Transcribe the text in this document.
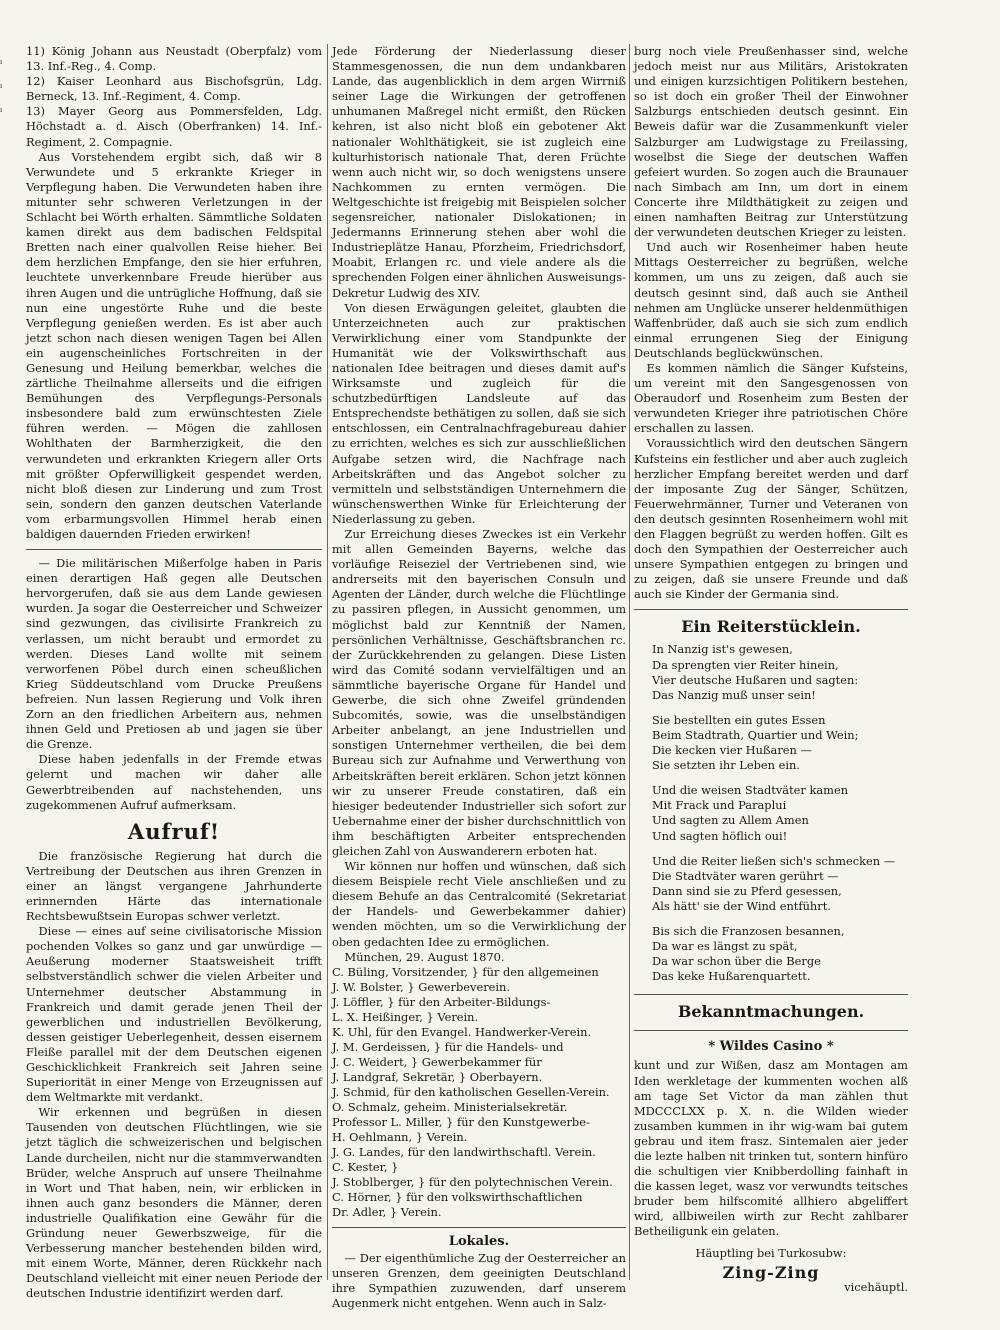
ı
ı
ı

11) König Johann aus Neustadt (Oberpfalz) vom 13. Inf.-Reg., 4. Comp.

12) Kaiser Leonhard aus Bischofsgrün, Ldg. Berneck, 13. Inf.-Regiment, 4. Comp.

13) Mayer Georg aus Pommersfelden, Ldg. Höchstadt a. d. Aisch (Oberfranken) 14. Inf.-Regiment, 2. Compagnie.

Aus Vorstehendem ergibt sich, daß wir 8 Verwundete und 5 erkrankte Krieger in Verpflegung haben. Die Verwundeten haben ihre mitunter sehr schweren Verletzungen in der Schlacht bei Wörth erhalten. Sämmtliche Soldaten kamen direkt aus dem badischen Feldspital Bretten nach einer qualvollen Reise hieher. Bei dem herzlichen Empfange, den sie hier erfuhren, leuchtete unverkennbare Freude hierüber aus ihren Augen und die untrügliche Hoffnung, daß sie nun eine ungestörte Ruhe und die beste Verpflegung genießen werden. Es ist aber auch jetzt schon nach diesen wenigen Tagen bei Allen ein augenscheinliches Fortschreiten in der Genesung und Heilung bemerkbar, welches die zärtliche Theilnahme allerseits und die eifrigen Bemühungen des Verpflegungs-Personals insbesondere bald zum erwünschtesten Ziele führen werden. — Mögen die zahllosen Wohlthaten der Barmherzigkeit, die den verwundeten und erkrankten Kriegern aller Orts mit größter Opferwilligkeit gespendet werden, nicht bloß diesen zur Linderung und zum Trost sein, sondern den ganzen deutschen Vaterlande vom erbarmungsvollen Himmel herab einen baldigen dauernden Frieden erwirken!

— Die militärischen Mißerfolge haben in Paris einen derartigen Haß gegen alle Deutschen hervorgerufen, daß sie aus dem Lande gewiesen wurden. Ja sogar die Oesterreicher und Schweizer sind gezwungen, das civilisirte Frankreich zu verlassen, um nicht beraubt und ermordet zu werden. Dieses Land wollte mit seinem verworfenen Pöbel durch einen scheußlichen Krieg Süddeutschland vom Drucke Preußens befreien. Nun lassen Regierung und Volk ihren Zorn an den friedlichen Arbeitern aus, nehmen ihnen Geld und Pretiosen ab und jagen sie über die Grenze.

Diese haben jedenfalls in der Fremde etwas gelernt und machen wir daher alle Gewerbtreibenden auf nachstehenden, uns zugekommenen Aufruf aufmerksam.

Aufruf!

Die französische Regierung hat durch die Vertreibung der Deutschen aus ihren Grenzen in einer an längst vergangene Jahrhunderte erinnernden Härte das internationale Rechtsbewußtsein Europas schwer verletzt.

Diese — eines auf seine civilisatorische Mission pochenden Volkes so ganz und gar unwürdige — Aeußerung moderner Staatsweisheit trifft selbstverständlich schwer die vielen Arbeiter und Unternehmer deutscher Abstammung in Frankreich und damit gerade jenen Theil der gewerblichen und industriellen Bevölkerung, dessen geistiger Ueberlegenheit, dessen eisernem Fleiße parallel mit der dem Deutschen eigenen Geschicklichkeit Frankreich seit Jahren seine Superiorität in einer Menge von Erzeugnissen auf dem Weltmarkte mit verdankt.

Wir erkennen und begrüßen in diesen Tausenden von deutschen Flüchtlingen, wie sie jetzt täglich die schweizerischen und belgischen Lande durcheilen, nicht nur die stammverwandten Brüder, welche Anspruch auf unsere Theilnahme in Wort und That haben, nein, wir erblicken in ihnen auch ganz besonders die Männer, deren industrielle Qualifikation eine Gewähr für die Gründung neuer Gewerbszweige, für die Verbesserung mancher bestehenden bilden wird, mit einem Worte, Männer, deren Rückkehr nach Deutschland vielleicht mit einer neuen Periode der deutschen Industrie identifizirt werden darf.

Jede Förderung der Niederlassung dieser Stammesgenossen, die nun dem undankbaren Lande, das augenblicklich in dem argen Wirrniß seiner Lage die Wirkungen der getroffenen unhumanen Maßregel nicht ermißt, den Rücken kehren, ist also nicht bloß ein gebotener Akt nationaler Wohlthätigkeit, sie ist zugleich eine kulturhistorisch nationale That, deren Früchte wenn auch nicht wir, so doch wenigstens unsere Nachkommen zu ernten vermögen. Die Weltgeschichte ist freigebig mit Beispielen solcher segensreicher, nationaler Dislokationen; in Jedermanns Erinnerung stehen aber wohl die Industrieplätze Hanau, Pforzheim, Friedrichsdorf, Moabit, Erlangen rc. und viele andere als die sprechenden Folgen einer ähnlichen Ausweisungs-Dekretur Ludwig des XIV.

Von diesen Erwägungen geleitet, glaubten die Unterzeichneten auch zur praktischen Verwirklichung einer vom Standpunkte der Humanität wie der Volkswirthschaft aus nationalen Idee beitragen und dieses damit auf's Wirksamste und zugleich für die schutzbedürftigen Landsleute auf das Entsprechendste bethätigen zu sollen, daß sie sich entschlossen, ein Centralnachfragebureau dahier zu errichten, welches es sich zur ausschließlichen Aufgabe setzen wird, die Nachfrage nach Arbeitskräften und das Angebot solcher zu vermitteln und selbstständigen Unternehmern die wünschenswerthen Winke für Erleichterung der Niederlassung zu geben.

Zur Erreichung dieses Zweckes ist ein Verkehr mit allen Gemeinden Bayerns, welche das vorläufige Reiseziel der Vertriebenen sind, wie andrerseits mit den bayerischen Consuln und Agenten der Länder, durch welche die Flüchtlinge zu passiren pflegen, in Aussicht genommen, um möglichst bald zur Kenntniß der Namen, persönlichen Verhältnisse, Geschäftsbranchen rc. der Zurückkehrenden zu gelangen. Diese Listen wird das Comité sodann vervielfältigen und an sämmtliche bayerische Organe für Handel und Gewerbe, die sich ohne Zweifel gründenden Subcomités, sowie, was die unselbständigen Arbeiter anbelangt, an jene Industriellen und sonstigen Unternehmer vertheilen, die bei dem Bureau sich zur Aufnahme und Verwerthung von Arbeitskräften bereit erklären. Schon jetzt können wir zu unserer Freude constatiren, daß ein hiesiger bedeutender Industrieller sich sofort zur Uebernahme einer der bisher durchschnittlich von ihm beschäftigten Arbeiter entsprechenden gleichen Zahl von Auswanderern erboten hat.

Wir können nur hoffen und wünschen, daß sich diesem Beispiele recht Viele anschließen und zu diesem Behufe an das Centralcomité (Sekretariat der Handels- und Gewerbekammer dahier) wenden möchten, um so die Verwirklichung der oben gedachten Idee zu ermöglichen.

München, 29. August 1870.

C. Büling, Vorsitzender, } für den allgemeinen
J. W. Bolster, } Gewerbeverein.
J. Löffler, } für den Arbeiter-Bildungs-
L. X. Heißinger, } Verein.
K. Uhl, für den Evangel. Handwerker-Verein.
J. M. Gerdeissen, } für die Handels- und
J. C. Weidert, } Gewerbekammer für
J. Landgraf, Sekretär, } Oberbayern.
J. Schmid, für den katholischen Gesellen-Verein.
O. Schmalz, geheim. Ministerialsekretär.
Professor L. Miller, } für den Kunstgewerbe-
H. Oehlmann, } Verein.
J. G. Landes, für den landwirthschaftl. Verein.
C. Kester, }
J. Stoblberger, } für den polytechnischen Verein.
C. Hörner, } für den volkswirthschaftlichen
Dr. Adler, } Verein.
Lokales.

— Der eigenthümliche Zug der Oesterreicher an unseren Grenzen, dem geeinigten Deutschland ihre Sympathien zuzuwenden, darf unserem Augenmerk nicht entgehen. Wenn auch in Salz-

burg noch viele Preußenhasser sind, welche jedoch meist nur aus Militärs, Aristokraten und einigen kurzsichtigen Politikern bestehen, so ist doch ein großer Theil der Einwohner Salzburgs entschieden deutsch gesinnt. Ein Beweis dafür war die Zusammenkunft vieler Salzburger am Ludwigstage zu Freilassing, woselbst die Siege der deutschen Waffen gefeiert wurden. So zogen auch die Braunauer nach Simbach am Inn, um dort in einem Concerte ihre Mildthätigkeit zu zeigen und einen namhaften Beitrag zur Unterstützung der verwundeten deutschen Krieger zu leisten.

Und auch wir Rosenheimer haben heute Mittags Oesterreicher zu begrüßen, welche kommen, um uns zu zeigen, daß auch sie deutsch gesinnt sind, daß auch sie Antheil nehmen am Unglücke unserer heldenmüthigen Waffenbrüder, daß auch sie sich zum endlich einmal errungenen Sieg der Einigung Deutschlands beglückwünschen.

Es kommen nämlich die Sänger Kufsteins, um vereint mit den Sangesgenossen von Oberaudorf und Rosenheim zum Besten der verwundeten Krieger ihre patriotischen Chöre erschallen zu lassen.

Voraussichtlich wird den deutschen Sängern Kufsteins ein festlicher und aber auch zugleich herzlicher Empfang bereitet werden und darf der imposante Zug der Sänger, Schützen, Feuerwehrmänner, Turner und Veteranen von den deutsch gesinnten Rosenheimern wohl mit den Flaggen begrüßt zu werden hoffen. Gilt es doch den Sympathien der Oesterreicher auch unsere Sympathien entgegen zu bringen und zu zeigen, daß sie unsere Freunde und daß auch sie Kinder der Germania sind.

Ein Reiterstücklein.
In Nanzig ist's gewesen,
Da sprengten vier Reiter hinein,
Vier deutsche Hußaren und sagten:
Das Nanzig muß unser sein!
Sie bestellten ein gutes Essen
Beim Stadtrath, Quartier und Wein;
Die kecken vier Hußaren —
Sie setzten ihr Leben ein.
Und die weisen Stadtväter kamen
Mit Frack und Paraplui
Und sagten zu Allem Amen
Und sagten höflich oui!
Und die Reiter ließen sich's schmecken —
Die Stadtväter waren gerührt —
Dann sind sie zu Pferd gesessen,
Als hätt' sie der Wind entführt.
Bis sich die Franzosen besannen,
Da war es längst zu spät,
Da war schon über die Berge
Das keke Hußarenquartett.
Bekanntmachungen.
* Wildes Casino *

kunt und zur Wißen, dasz am Montagen am Iden werkletage der kummenten wochen alß am tage Set Victor da man zählen thut MDCCCLXX p. X. n. die Wilden wieder zusamben kummen in ihr wig-wam bai gutem gebrau und item frasz. Sintemalen aier jeder die lezte halben nit trinken tut, sontern hinfüro die schultigen vier Knibberdolling fainhaft in die kassen leget, wasz vor verwundts teitsches bruder bem hilfscomité allhiero abgeliffert wird, allbiweilen wirth zur Recht zahlbarer Betheiligunk ein gelaten.

Häuptling bei Turkosubw:
Zing-Zing
vicehäuptl.
